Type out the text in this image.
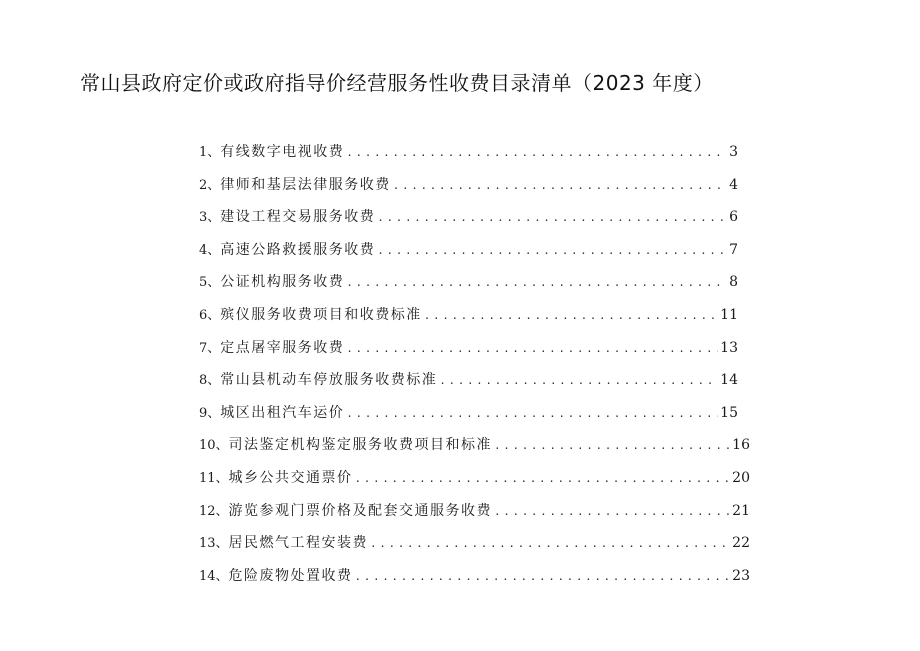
常山县政府定价或政府指导价经营服务性收费目录清单（2023 年度）
1、 有线数字电视收费 .....	3
2、 律师和基层法律服务收费 .....	4
3、 建设工程交易服务收费 .....	6
4、 高速公路救援服务收费 .....	7
5、 公证机构服务收费 .....	8
6、 殡仪服务收费项目和收费标准 .....	11
7、 定点屠宰服务收费 .....	13
8、 常山县机动车停放服务收费标准 .....	14
9、 城区出租汽车运价 .....	15
10、 司法鉴定机构鉴定服务收费项目和标准 .....	16
11、 城乡公共交通票价 .....	20
12、 游览参观门票价格及配套交通服务收费 .....	21
13、 居民燃气工程安装费 .....	22
14、 危险废物处置收费 .....	23
